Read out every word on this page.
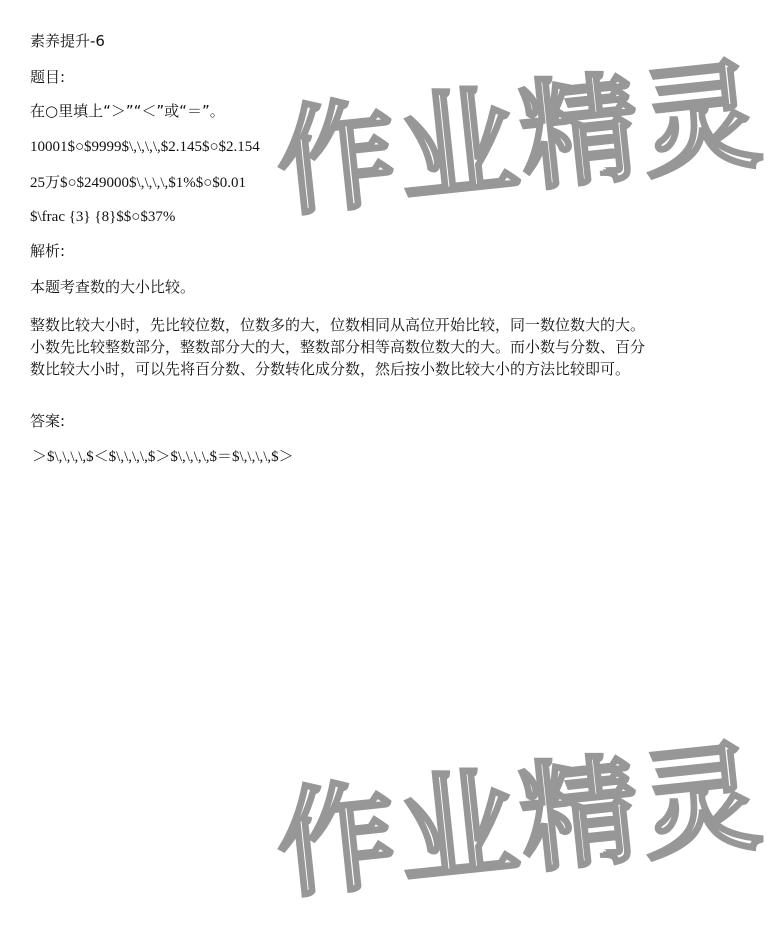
作业精灵
作业精灵

素养提升-6

题目:

在○里填上“＞”“＜”或“＝”。

10001$○$9999$\,\,\,\,$2.145$○$2.154

25万$○$249000$\,\,\,\,$1%$○$0.01

$\frac {3} {8}$$○$37%

解析:

本题考查数的大小比较。

整数比较大小时，先比较位数，位数多的大，位数相同从高位开始比较，同一数位数大的大。小数先比较整数部分，整数部分大的大，整数部分相等高数位数大的大。而小数与分数、百分数比较大小时，可以先将百分数、分数转化成分数，然后按小数比较大小的方法比较即可。

答案:

＞$\,\,\,\,$＜$\,\,\,\,$＞$\,\,\,\,$＝$\,\,\,\,$＞
